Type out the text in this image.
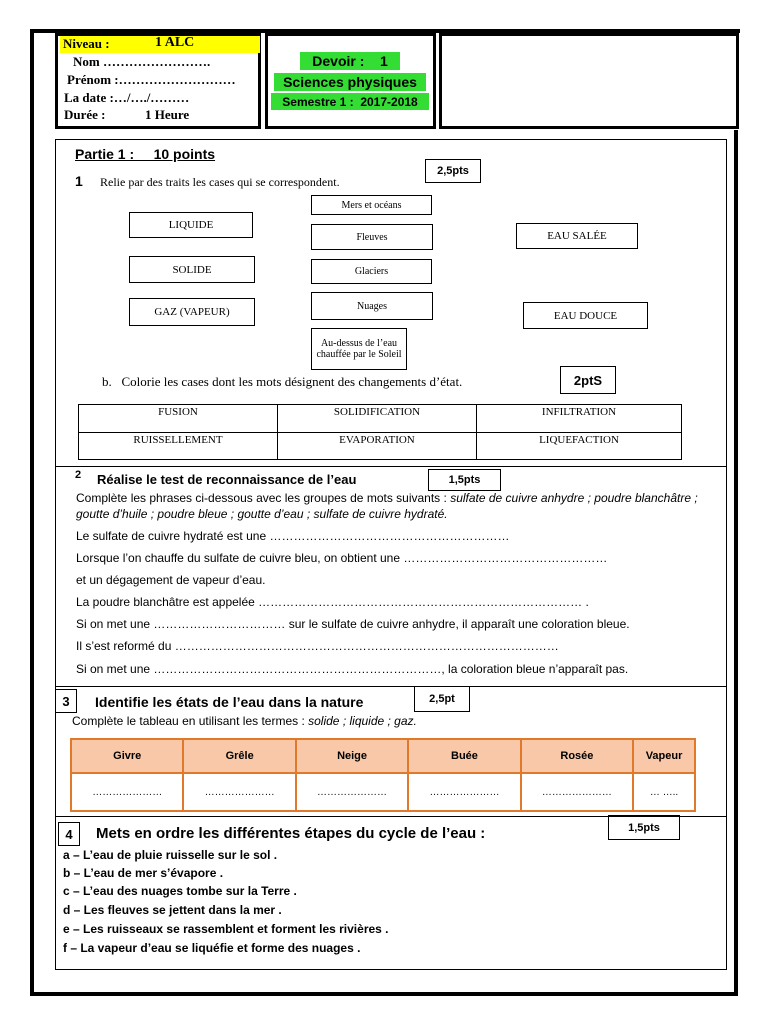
Niveau :	1 ALC
Nom …………………….
Prénom :………………………
La date :…/…./………
Durée :	1 Heure
Devoir :    1
Sciences physiques
Semestre 1 :  2017-2018
Partie 1 :     10 points
2,5pts
1 Relie par des traits les cases qui se correspondent.
LIQUIDE
SOLIDE
GAZ (VAPEUR)
Mers et océans
Fleuves
Glaciers
Nuages
Au-dessus de l’eau chauffée par le Soleil
EAU SALÉE
EAU DOUCE
b.   Colorie les cases dont les mots désignent des changements d’état.	2ptS
FUSION	SOLIDIFICATION	INFILTRATION
RUISSELLEMENT	EVAPORATION	LIQUEFACTION
2 Réalise le test de reconnaissance de l’eau	1,5pts
Complète les phrases ci-dessous avec les groupes de mots suivants : sulfate de cuivre anhydre ; poudre blanchâtre ; goutte d’huile ; poudre bleue ; goutte d’eau ; sulfate de cuivre hydraté.
Le sulfate de cuivre hydraté est une ……………………………………………………
Lorsque l’on chauffe du sulfate de cuivre bleu, on obtient une ……………………………………………
et un dégagement de vapeur d’eau.
La poudre blanchâtre est appelée ……………………………………………………………………… .
Si on met une …………………………… sur le sulfate de cuivre anhydre, il apparaît une coloration bleue.
Il s’est reformé du ……………………………………………………………………………………
Si on met une ………………………………………………………………, la coloration bleue n’apparaît pas.
3	Identifie les états de l’eau dans la nature	2,5pt
Complète le tableau en utilisant les termes : solide ; liquide ; gaz.
Givre	Grêle	Neige	Buée	Rosée	Vapeur
…………………	…………………	…………………	…………………	…………………	… …..
4	Mets en ordre les différentes étapes du cycle de l’eau :	1,5pts
a – L’eau de pluie ruisselle sur le sol .
b – L’eau de mer s’évapore .
c – L’eau des nuages tombe sur la Terre .
d – Les fleuves se jettent dans la mer .
e – Les ruisseaux se rassemblent et forment les rivières .
f – La vapeur d’eau se liquéfie et forme des nuages .
